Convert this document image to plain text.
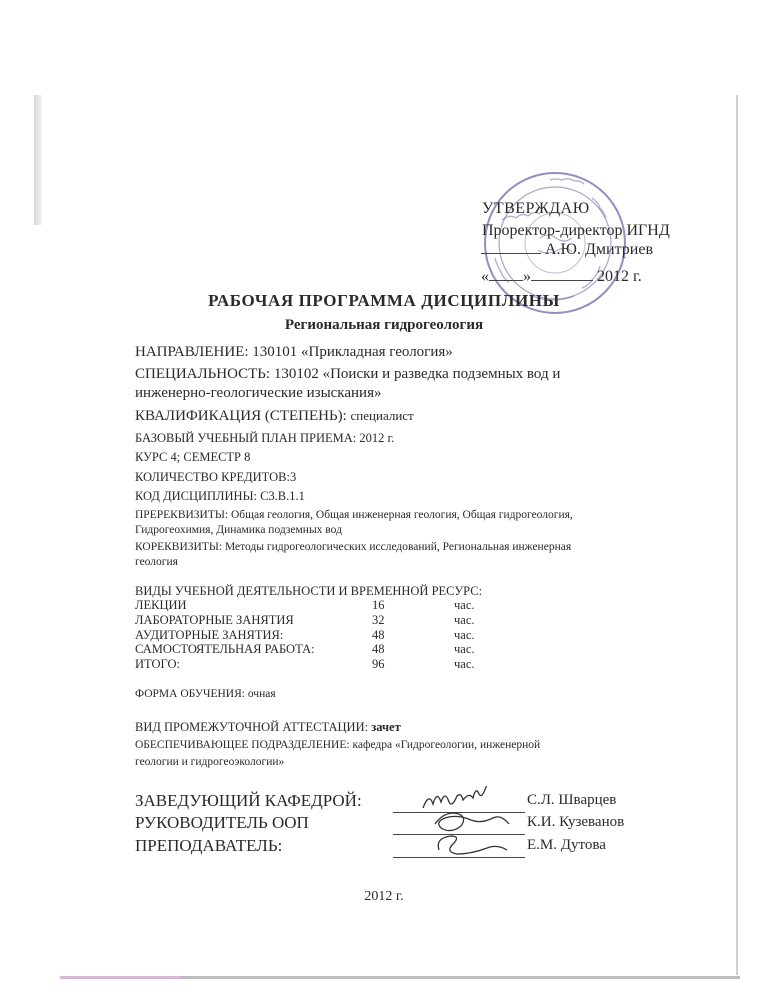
УТВЕРЖДАЮ
Проректор-директор ИГНД
А.Ю. Дмитриев
« »	2012 г.
РАБОЧАЯ ПРОГРАММА ДИСЦИПЛИНЫ
Региональная гидрогеология
НАПРАВЛЕНИЕ: 130101 «Прикладная геология»
СПЕЦИАЛЬНОСТЬ: 130102 «Поиски и разведка подземных вод и
инженерно-геологические изыскания»
КВАЛИФИКАЦИЯ (СТЕПЕНЬ): специалист
БАЗОВЫЙ УЧЕБНЫЙ ПЛАН ПРИЕМА: 2012 г.
КУРС 4; СЕМЕСТР 8
КОЛИЧЕСТВО КРЕДИТОВ:3
КОД ДИСЦИПЛИНЫ: С3.В.1.1
ПРЕРЕКВИЗИТЫ: Общая геология, Общая инженерная геология, Общая гидрогеология,
Гидрогеохимия, Динамика подземных вод
КОРЕКВИЗИТЫ: Методы гидрогеологических исследований, Региональная инженерная
геология
ВИДЫ УЧЕБНОЙ ДЕЯТЕЛЬНОСТИ И ВРЕМЕННОЙ РЕСУРС:
ЛЕКЦИИ	16	час.
ЛАБОРАТОРНЫЕ ЗАНЯТИЯ	32	час.
АУДИТОРНЫЕ ЗАНЯТИЯ:	48	час.
САМОСТОЯТЕЛЬНАЯ РАБОТА:	48	час.
ИТОГО:	96	час.
ФОРМА ОБУЧЕНИЯ: очная
ВИД ПРОМЕЖУТОЧНОЙ АТТЕСТАЦИИ: зачет
ОБЕСПЕЧИВАЮЩЕЕ ПОДРАЗДЕЛЕНИЕ: кафедра «Гидрогеологии, инженерной
геологии и гидрогеоэкологии»
ЗАВЕДУЮЩИЙ КАФЕДРОЙ:	С.Л. Шварцев
РУКОВОДИТЕЛЬ ООП	К.И. Кузеванов
ПРЕПОДАВАТЕЛЬ:	Е.М. Дутова
2012 г.
